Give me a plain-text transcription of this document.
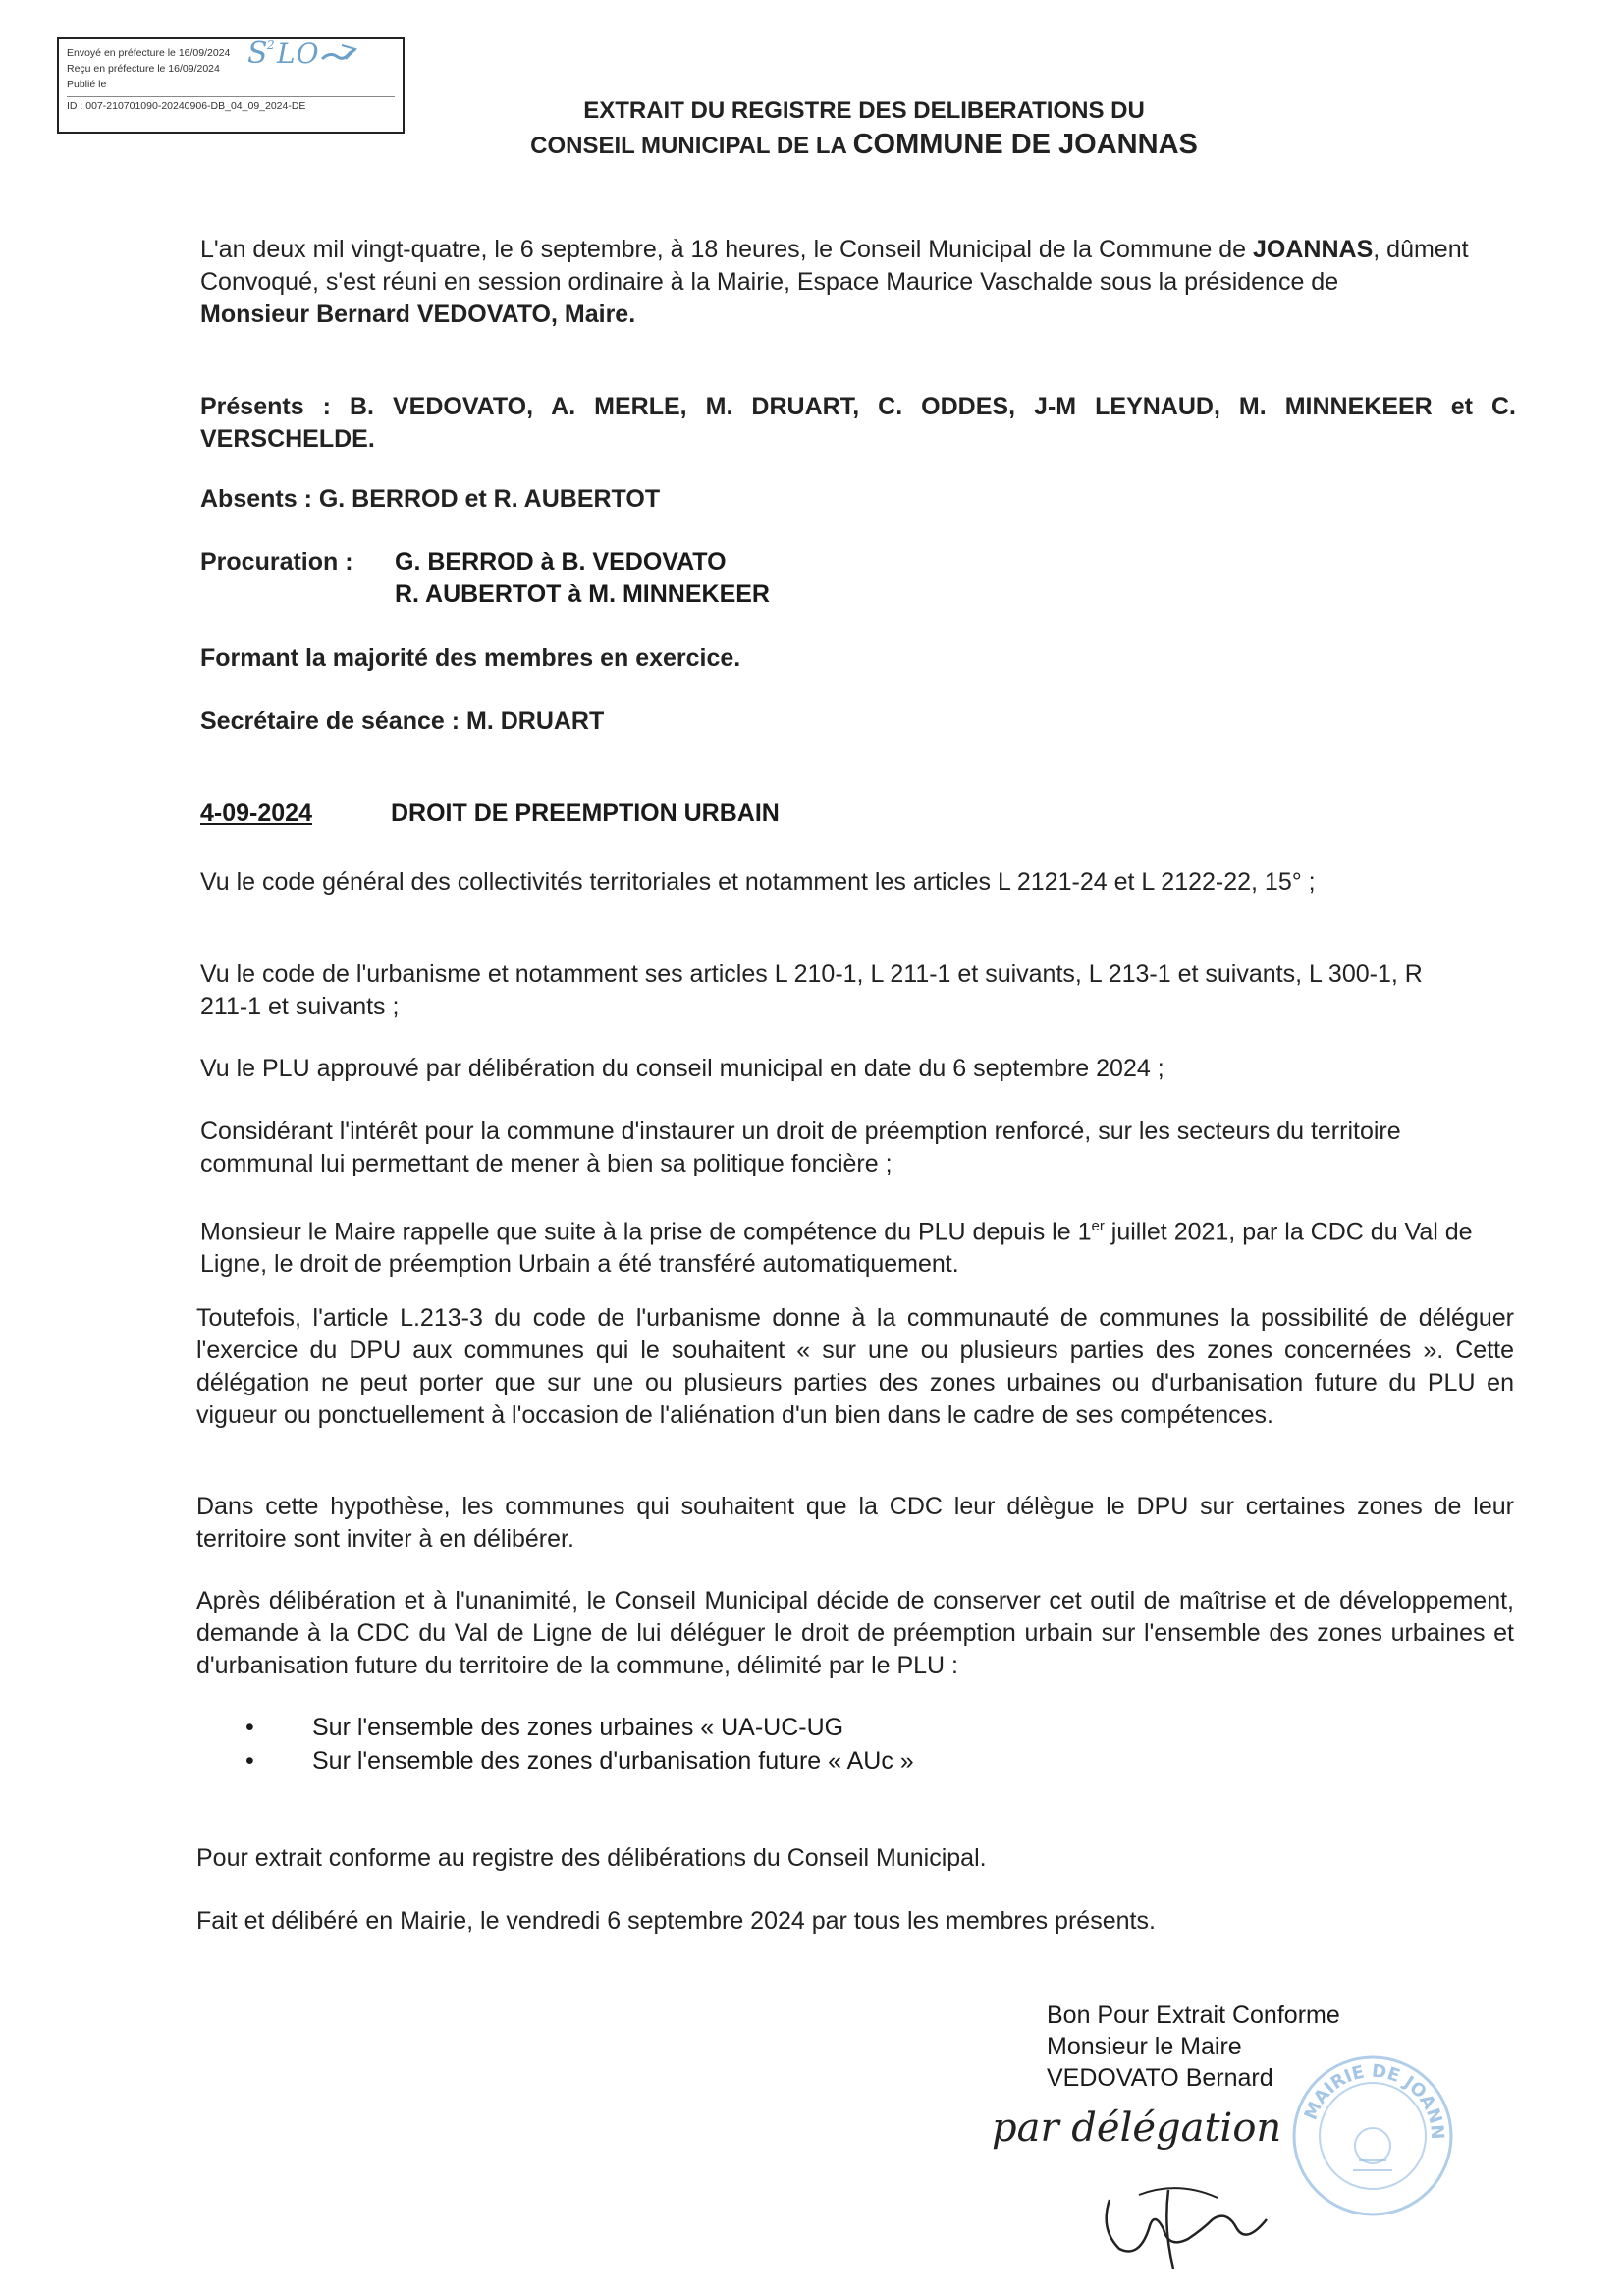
Envoyé en préfecture le 16/09/2024
Reçu en préfecture le 16/09/2024
Publié le
ID : 007-210701090-20240906-DB_04_09_2024-DE
S
2 LO
EXTRAIT DU REGISTRE DES DELIBERATIONS DU
CONSEIL MUNICIPAL DE LA COMMUNE DE JOANNAS
L'an deux mil vingt-quatre, le 6 septembre, à 18 heures, le Conseil Municipal de la Commune de JOANNAS, dûment
Convoqué, s'est réuni en session ordinaire à la Mairie, Espace Maurice Vaschalde sous la présidence de
Monsieur Bernard VEDOVATO, Maire.
Présents : B. VEDOVATO, A. MERLE, M. DRUART, C. ODDES, J-M LEYNAUD, M. MINNEKEER et C. VERSCHELDE.
Absents : G. BERROD et R. AUBERTOT
Procuration : G. BERROD à B. VEDOVATO
R. AUBERTOT à M. MINNEKEER
Formant la majorité des membres en exercice.
Secrétaire de séance : M. DRUART
4-09-2024	DROIT DE PREEMPTION URBAIN
Vu le code général des collectivités territoriales et notamment les articles L 2121-24 et L 2122-22, 15° ;
Vu le code de l'urbanisme et notamment ses articles L 210-1, L 211-1 et suivants, L 213-1 et suivants, L 300-1, R 211-1 et suivants ;
Vu le PLU approuvé par délibération du conseil municipal en date du 6 septembre 2024 ;
Considérant l'intérêt pour la commune d'instaurer un droit de préemption renforcé, sur les secteurs du territoire communal lui permettant de mener à bien sa politique foncière ;
Monsieur le Maire rappelle que suite à la prise de compétence du PLU depuis le 1er juillet 2021, par la CDC du Val de Ligne, le droit de préemption Urbain a été transféré automatiquement.
Toutefois, l'article L.213-3 du code de l'urbanisme donne à la communauté de communes la possibilité de déléguer l'exercice du DPU aux communes qui le souhaitent « sur une ou plusieurs parties des zones concernées ». Cette délégation ne peut porter que sur une ou plusieurs parties des zones urbaines ou d'urbanisation future du PLU en vigueur ou ponctuellement à l'occasion de l'aliénation d'un bien dans le cadre de ses compétences.
Dans cette hypothèse, les communes qui souhaitent que la CDC leur délègue le DPU sur certaines zones de leur territoire sont inviter à en délibérer.
Après délibération et à l'unanimité, le Conseil Municipal décide de conserver cet outil de maîtrise et de développement, demande à la CDC du Val de Ligne de lui déléguer le droit de préemption urbain sur l'ensemble des zones urbaines et d'urbanisation future du territoire de la commune, délimité par le PLU :
• Sur l'ensemble des zones urbaines « UA-UC-UG
• Sur l'ensemble des zones d'urbanisation future « AUc »
Pour extrait conforme au registre des délibérations du Conseil Municipal.
Fait et délibéré en Mairie, le vendredi 6 septembre 2024 par tous les membres présents.
Bon Pour Extrait Conforme
Monsieur le Maire
VEDOVATO Bernard
MAIRIE DE JOANN
par délégation
